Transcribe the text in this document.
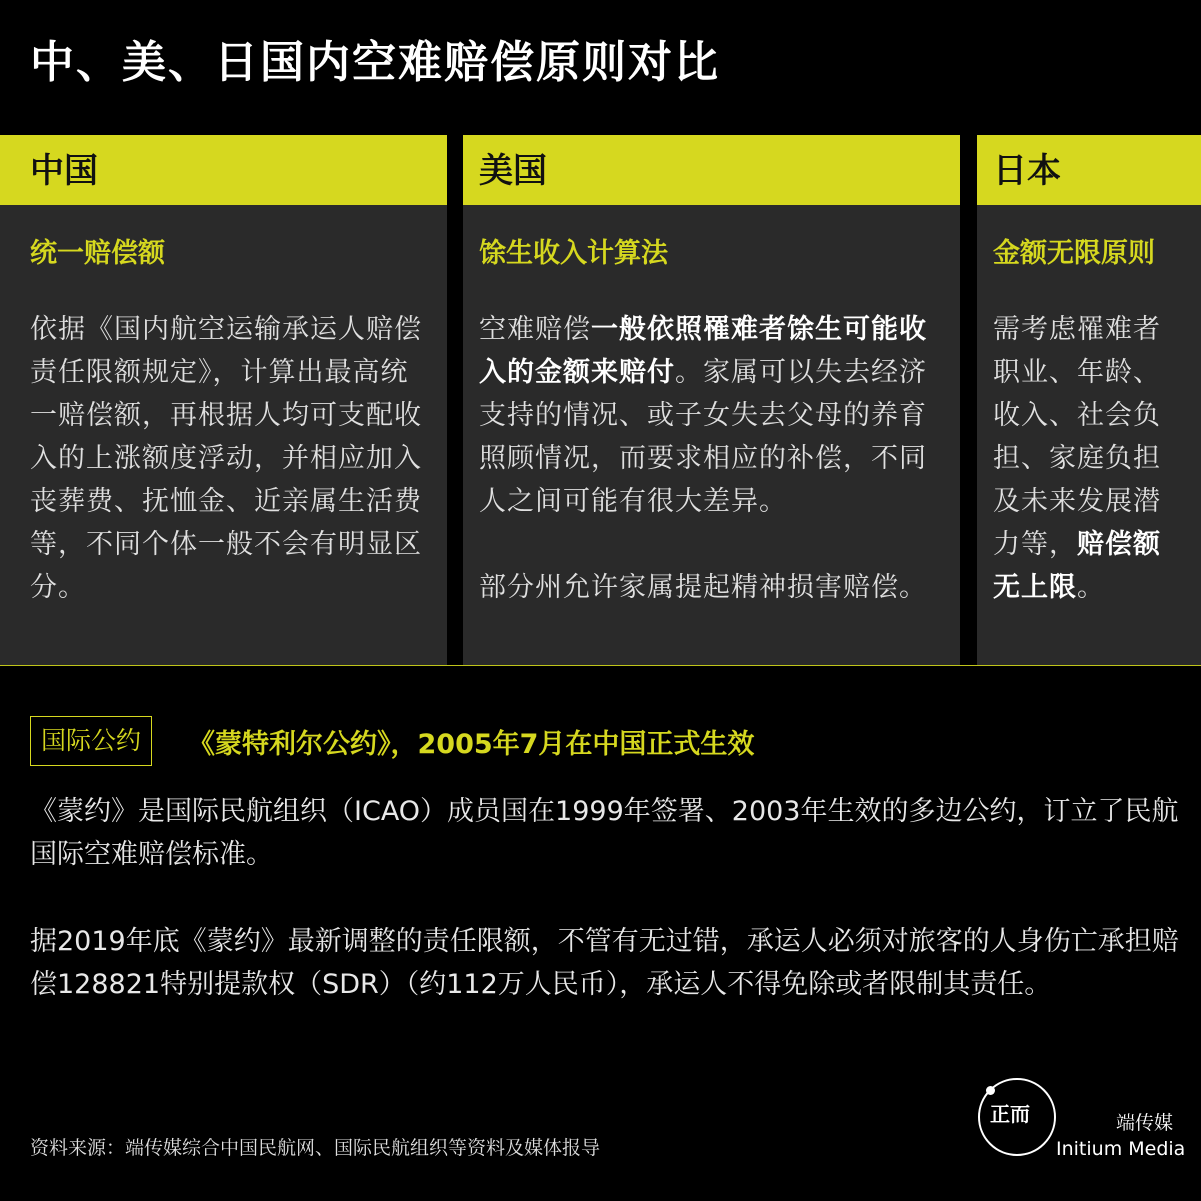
中、美、日国内空难赔偿原则对比
中国
统一赔偿额
依据《国内航空运输承运人赔偿责任限额规定》，计算出最高统一赔偿额，再根据人均可支配收入的上涨额度浮动，并相应加入丧葬费、抚恤金、近亲属生活费等，不同个体一般不会有明显区分。
美国
馀生收入计算法
空难赔偿一般依照罹难者馀生可能收入的金额来赔付。家属可以失去经济支持的情况、或子女失去父母的养育照顾情况，而要求相应的补偿，不同人之间可能有很大差异。
部分州允许家属提起精神损害赔偿。
日本
金额无限原则
需考虑罹难者职业、年龄、收入、社会负担、家庭负担及未来发展潜力等，赔偿额无上限。
国际公约	《蒙特利尔公约》，2005年7月在中国正式生效
《蒙约》是国际民航组织（ICAO）成员国在1999年签署、2003年生效的多边公约，订立了民航国际空难赔偿标准。
据2019年底《蒙约》最新调整的责任限额，不管有无过错，承运人必须对旅客的人身伤亡承担赔偿128821特别提款权（SDR）（约112万人民币），承运人不得免除或者限制其责任。
资料来源：端传媒综合中国民航网、国际民航组织等资料及媒体报导
正而	端传媒
Initium Media
